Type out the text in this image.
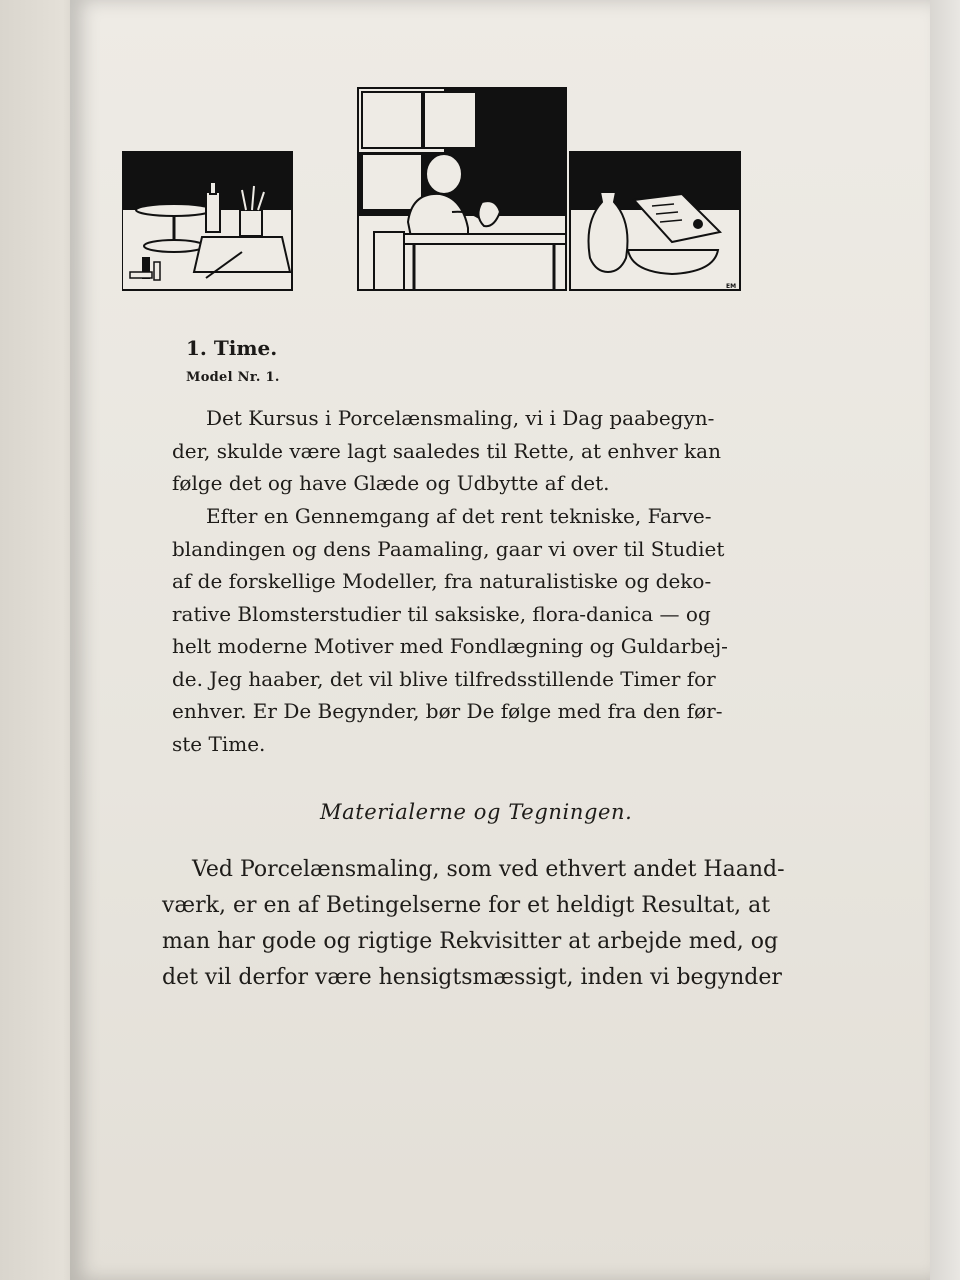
EM
1. Time.
Model Nr. 1.
Det Kursus i Porcelænsmaling, vi i Dag paabegyn-
der, skulde være lagt saaledes til Rette, at enhver kan
følge det og have Glæde og Udbytte af det.
Efter en Gennemgang af det rent tekniske, Farve-
blandingen og dens Paamaling, gaar vi over til Studiet
af de forskellige Modeller, fra naturalistiske og deko-
rative Blomsterstudier til saksiske, flora-danica — og
helt moderne Motiver med Fondlægning og Guldarbej-
de. Jeg haaber, det vil blive tilfredsstillende Timer for
enhver. Er De Begynder, bør De følge med fra den før-
ste Time.
Materialerne og Tegningen.
Ved Porcelænsmaling, som ved ethvert andet Haand-
værk, er en af Betingelserne for et heldigt Resultat, at
man har gode og rigtige Rekvisitter at arbejde med, og
det vil derfor være hensigtsmæssigt, inden vi begynder
